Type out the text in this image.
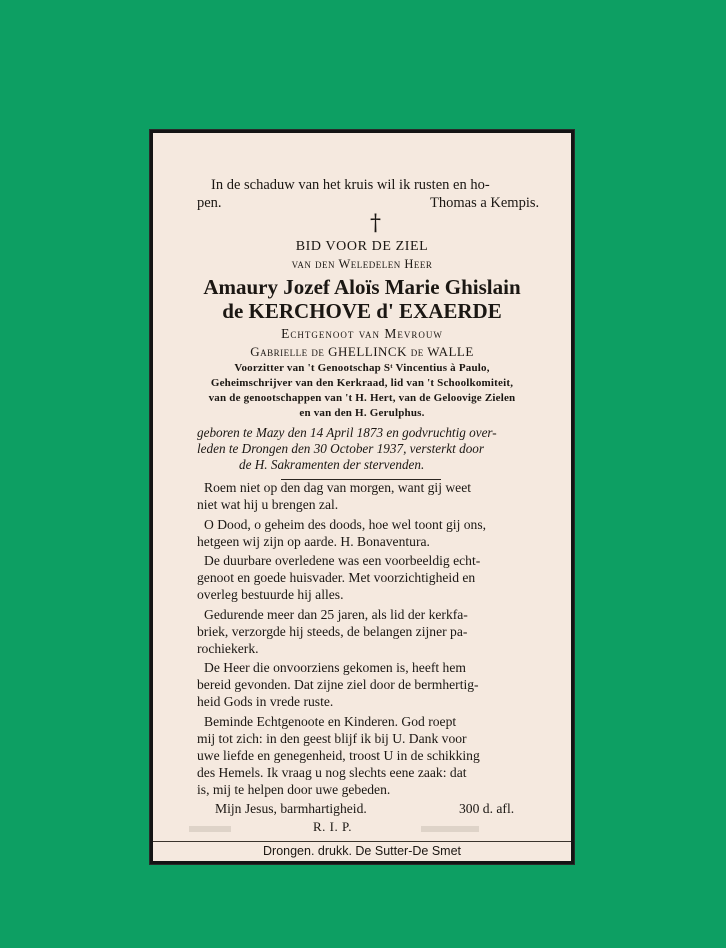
In de schaduw van het kruis wil ik rusten en ho-
pen.	Thomas a Kempis.
†
BID VOOR DE ZIEL
van den Weledelen Heer
Amaury Jozef Aloïs Marie Ghislain
de KERCHOVE d' EXAERDE
Echtgenoot van Mevrouw
Gabrielle de GHELLINCK de WALLE
Voorzitter van 't Genootschap Sᵗ Vincentius à Paulo,
Geheimschrijver van den Kerkraad, lid van 't Schoolkomiteit,
van de genootschappen van 't H. Hert, van de Geloovige Zielen
en van den H. Gerulphus.
geboren te Mazy den 14 April 1873 en godvruchtig over-
leden te Drongen den 30 October 1937, versterkt door
de H. Sakramenten der stervenden.
Roem niet op den dag van morgen, want gij weet
niet wat hij u brengen zal.
O Dood, o geheim des doods, hoe wel toont gij ons,
hetgeen wij zijn op aarde. H. Bonaventura.
De duurbare overledene was een voorbeeldig echt-
genoot en goede huisvader. Met voorzichtigheid en
overleg bestuurde hij alles.
Gedurende meer dan 25 jaren, als lid der kerkfa-
briek, verzorgde hij steeds, de belangen zijner pa-
rochiekerk.
De Heer die onvoorziens gekomen is, heeft hem
bereid gevonden. Dat zijne ziel door de bermhertig-
heid Gods in vrede ruste.
Beminde Echtgenoote en Kinderen. God roept
mij tot zich: in den geest blijf ik bij U. Dank voor
uwe liefde en genegenheid, troost U in de schikking
des Hemels. Ik vraag u nog slechts eene zaak: dat
is, mij te helpen door uwe gebeden.
Mijn Jesus, barmhartigheid.	300 d. afl.
R. I. P.
Drongen. drukk. De Sutter-De Smet
